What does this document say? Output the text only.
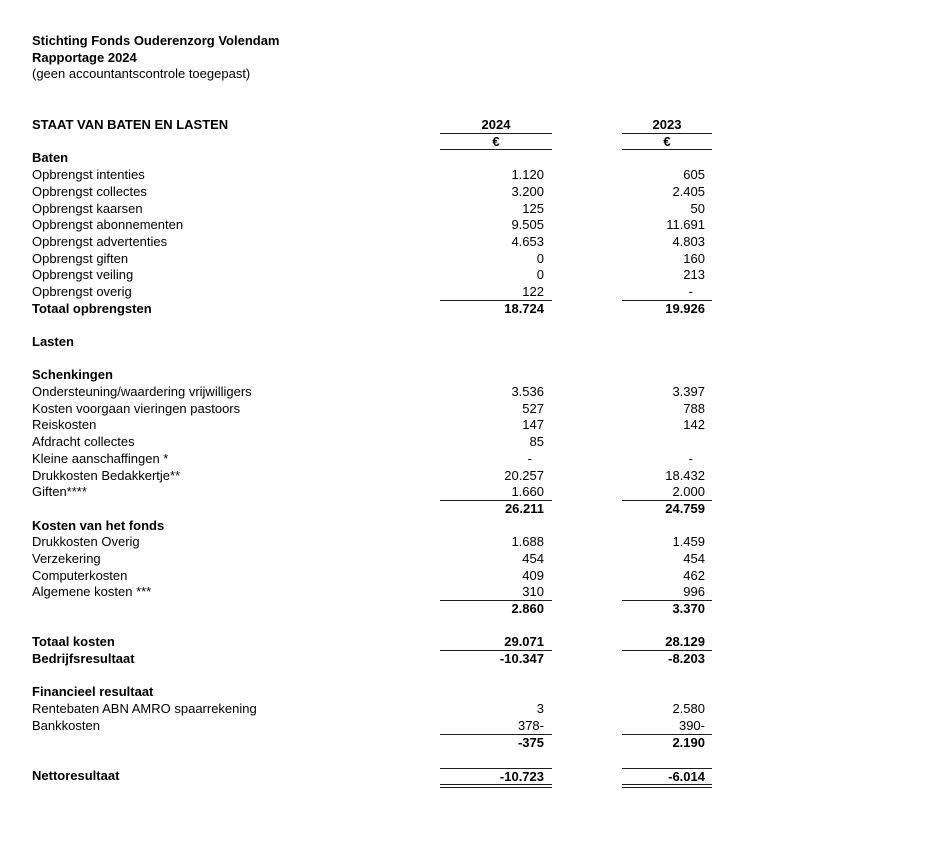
Stichting Fonds Ouderenzorg Volendam
Rapportage 2024
(geen accountantscontrole toegepast)
STAAT VAN BATEN EN LASTEN	2024	2023
€	€
Baten
Opbrengst intenties	1.120	605
Opbrengst collectes	3.200	2.405
Opbrengst kaarsen	125	50
Opbrengst abonnementen	9.505	11.691
Opbrengst advertenties	4.653	4.803
Opbrengst giften	0	160
Opbrengst veiling	0	213
Opbrengst overig	122	-
Totaal opbrengsten	18.724	19.926
Lasten
Schenkingen
Ondersteuning/waardering vrijwilligers	3.536	3.397
Kosten voorgaan vieringen pastoors	527	788
Reiskosten	147	142
Afdracht collectes	85
Kleine aanschaffingen *	-	-
Drukkosten Bedakkertje**	20.257	18.432
Giften****	1.660	2.000
26.211	24.759
Kosten van het fonds
Drukkosten Overig	1.688	1.459
Verzekering	454	454
Computerkosten	409	462
Algemene kosten ***	310	996
2.860	3.370
Totaal kosten	29.071	28.129
Bedrijfsresultaat	-10.347	-8.203
Financieel resultaat
Rentebaten ABN AMRO spaarrekening	3	2.580
Bankkosten	378-	390-
-375	2.190
Nettoresultaat	-10.723	-6.014
